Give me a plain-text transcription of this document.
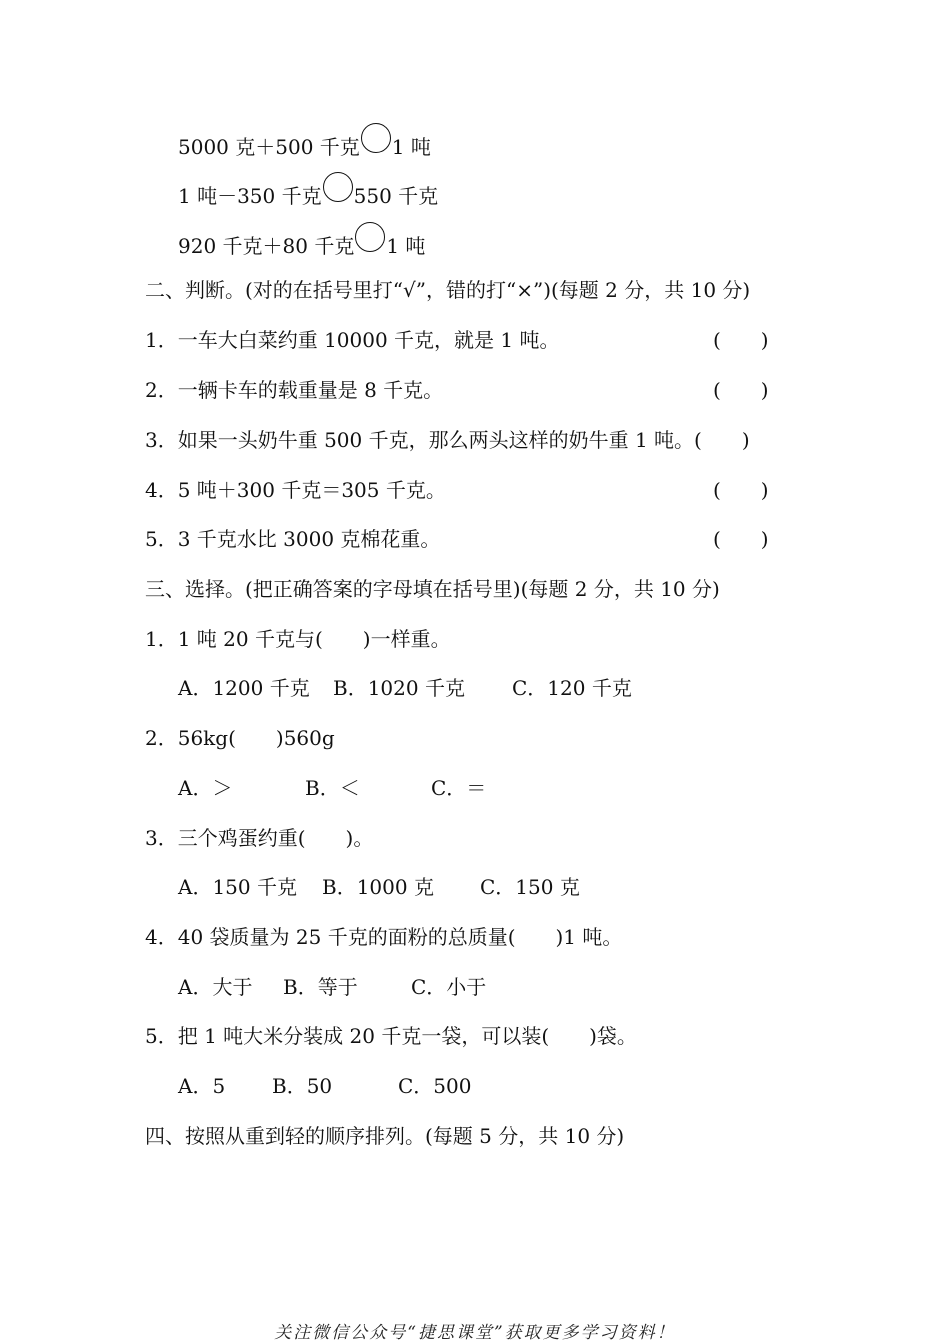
5000 克＋500 千克 1 吨
1 吨－350 千克 550 千克
920 千克＋80 千克 1 吨
二、判断。(对的在括号里打“√”，错的打“×”)(每题 2 分，共 10 分)
1．一车大白菜约重 10000 千克，就是 1 吨。	(　　)
2．一辆卡车的载重量是 8 千克。	(　　)
3．如果一头奶牛重 500 千克，那么两头这样的奶牛重 1 吨。(　　)
4．5 吨＋300 千克＝305 千克。	(　　)
5．3 千克水比 3000 克棉花重。	(　　)
三、选择。(把正确答案的字母填在括号里)(每题 2 分，共 10 分)
1．1 吨 20 千克与(　　)一样重。
A．1200 千克 B．1020 千克 C．120 千克
2．56kg(　　)560g
A．＞	B．＜	C．＝
3．三个鸡蛋约重(　　)。
A．150 千克 B．1000 克 C．150 克
4．40 袋质量为 25 千克的面粉的总质量(　　)1 吨。
A．大于 B．等于	C．小于
5．把 1 吨大米分装成 20 千克一袋，可以装(　　)袋。
A．5 B．50	C．500
四、按照从重到轻的顺序排列。(每题 5 分，共 10 分)
关注微信公众号“捷思课堂”获取更多学习资料！
